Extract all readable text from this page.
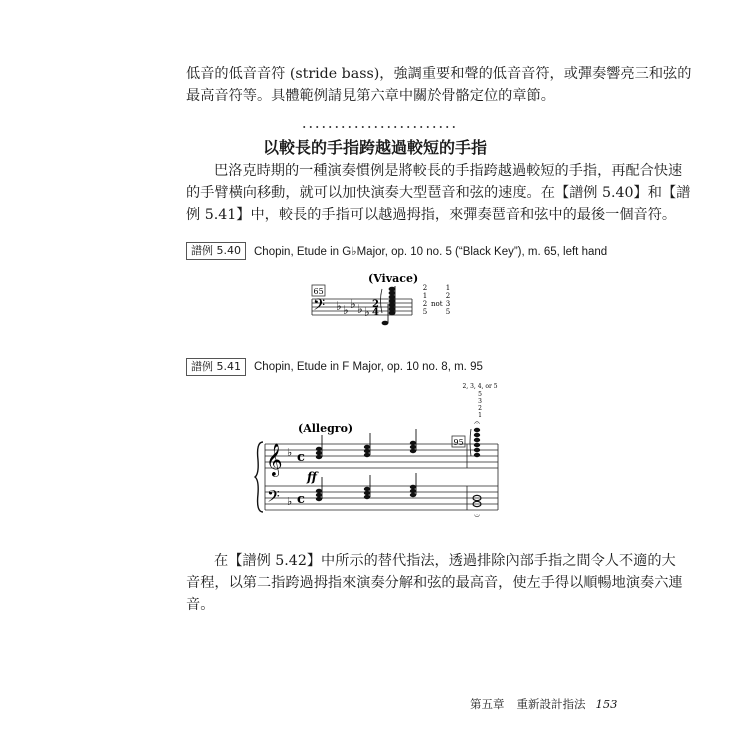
低音的低音音符 (stride bass)，強調重要和聲的低音音符，或彈奏響亮三和弦的
最高音符等。具體範例請見第六章中關於骨骼定位的章節。
以較長的手指跨越過較短的手指
巴洛克時期的一種演奏慣例是將較長的手指跨越過較短的手指，再配合快速
的手臂橫向移動，就可以加快演奏大型琶音和弦的速度。在【譜例 5.40】和【譜
例 5.41】中，較長的手指可以越過拇指，來彈奏琶音和弦中的最後一個音符。
譜例 5.40	Chopin, Etude in G♭Major, op. 10 no. 5 (“Black Key”), m. 65, left hand
(Vivace)
65
𝄢 ♭ ♭ ♭ ♭ ♭
2
4
2
1
2
5
not
1
2
3
5
譜例 5.41	Chopin, Etude in F Major, op. 10 no. 8, m. 95
2, 3, 4, or 5
5
3
2
1
(Allegro)
95
𝄞
𝄢
♭
♭
c
c
ff
𝄐
𝄑
在【譜例 5.42】中所示的替代指法，透過排除內部手指之間令人不適的大
音程，以第二指跨過拇指來演奏分解和弦的最高音，使左手得以順暢地演奏六連
音。
第五章 重新設計指法 153
